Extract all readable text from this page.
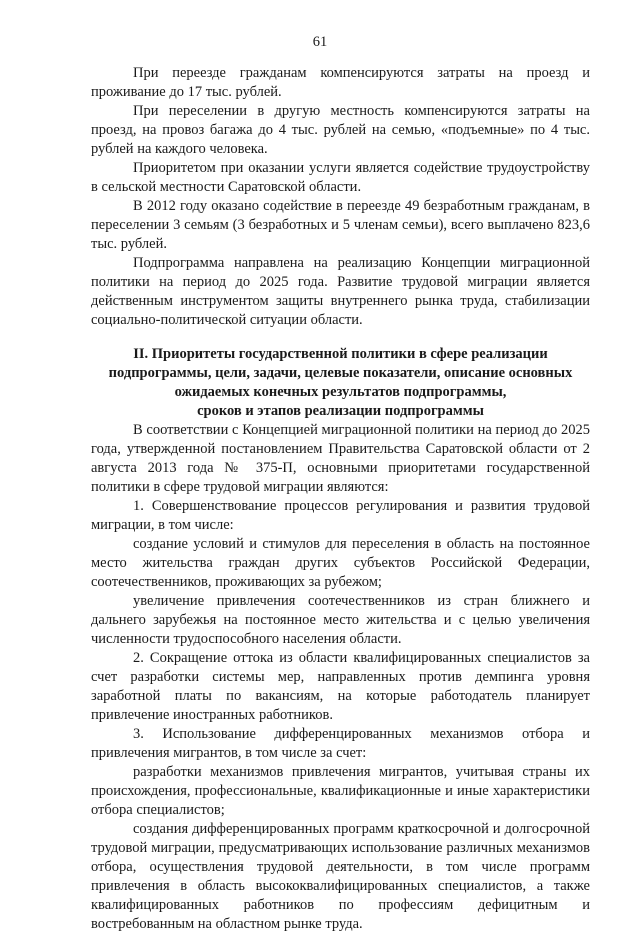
61

При переезде гражданам компенсируются затраты на проезд и проживание до 17 тыс. рублей.

При переселении в другую местность компенсируются затраты на проезд, на провоз багажа до 4 тыс. рублей на семью, «подъемные» по 4 тыс. рублей на каждого человека.

Приоритетом при оказании услуги является содействие трудоустройству в сельской местности Саратовской области.

В 2012 году оказано содействие в переезде 49 безработным гражданам, в переселении 3 семьям (3 безработных и 5 членам семьи), всего выплачено 823,6 тыс. рублей.

Подпрограмма направлена на реализацию Концепции миграционной политики на период до 2025 года. Развитие трудовой миграции является действенным инструментом защиты внутреннего рынка труда, стабилизации социально-политической ситуации области.

II. Приоритеты государственной политики в сфере реализации
подпрограммы, цели, задачи, целевые показатели, описание основных
ожидаемых конечных результатов подпрограммы,
сроков и этапов реализации подпрограммы

В соответствии с Концепцией миграционной политики на период до 2025 года, утвержденной постановлением Правительства Саратовской области от 2 августа 2013 года № 375-П, основными приоритетами государственной политики в сфере трудовой миграции являются:

1. Совершенствование процессов регулирования и развития трудовой миграции, в том числе:

создание условий и стимулов для переселения в область на постоянное место жительства граждан других субъектов Российской Федерации, соотечественников, проживающих за рубежом;

увеличение привлечения соотечественников из стран ближнего и дальнего зарубежья на постоянное место жительства и с целью увеличения численности трудоспособного населения области.

2. Сокращение оттока из области квалифицированных специалистов за счет разработки системы мер, направленных против демпинга уровня заработной платы по вакансиям, на которые работодатель планирует привлечение иностранных работников.

3. Использование дифференцированных механизмов отбора и привлечения мигрантов, в том числе за счет:

разработки механизмов привлечения мигрантов, учитывая страны их происхождения, профессиональные, квалификационные и иные характеристики отбора специалистов;

создания дифференцированных программ краткосрочной и долгосрочной трудовой миграции, предусматривающих использование различных механизмов отбора, осуществления трудовой деятельности, в том числе программ привлечения в область высококвалифицированных специалистов, а также квалифицированных работников по профессиям дефицитным и востребованным на областном рынке труда.
